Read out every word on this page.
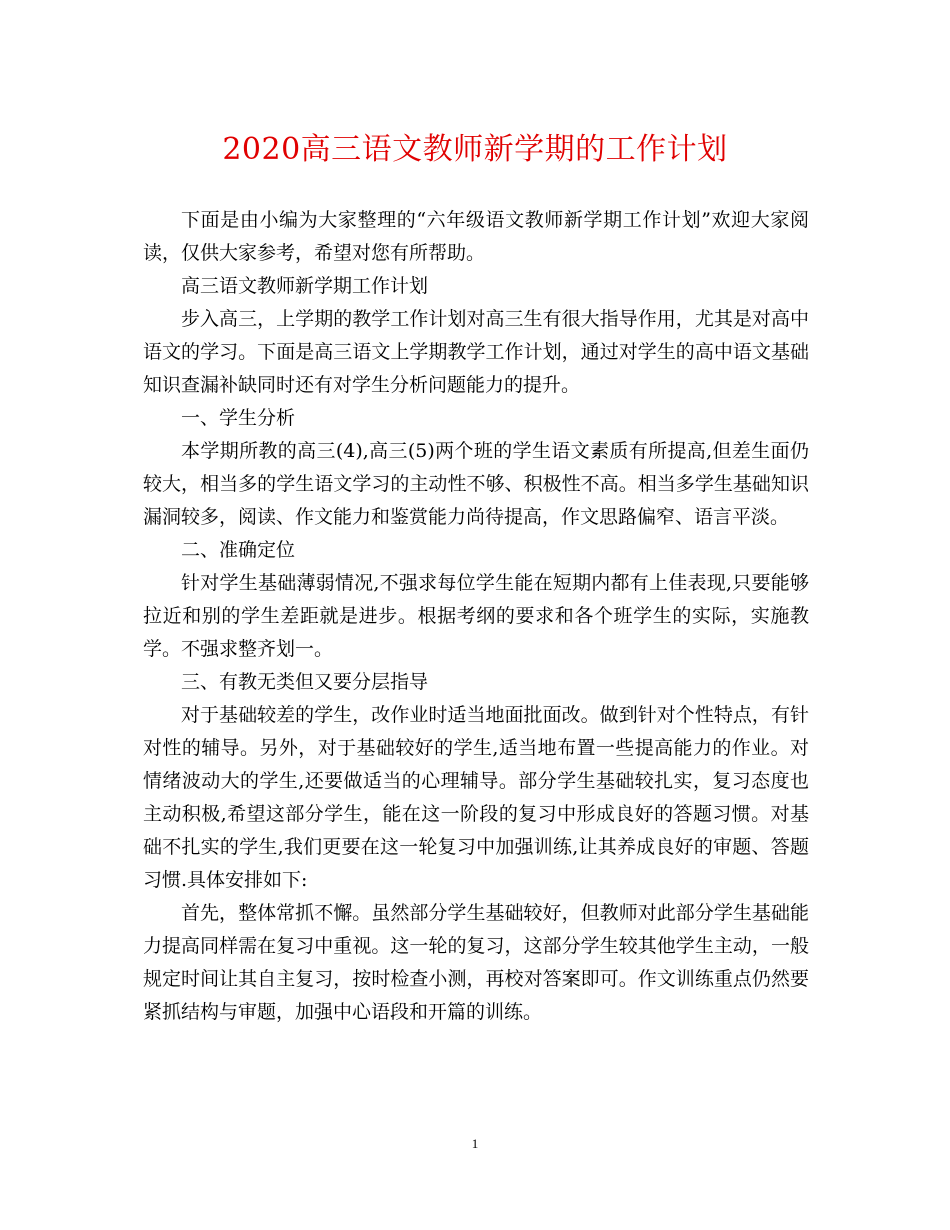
2020高三语文教师新学期的工作计划

下面是由小编为大家整理的“六年级语文教师新学期工作计划”欢迎大家阅读，仅供大家参考，希望对您有所帮助。

高三语文教师新学期工作计划

步入高三，上学期的教学工作计划对高三生有很大指导作用，尤其是对高中语文的学习。下面是高三语文上学期教学工作计划，通过对学生的高中语文基础知识查漏补缺同时还有对学生分析问题能力的提升。

一、学生分析

本学期所教的高三(4),高三(5)两个班的学生语文素质有所提高,但差生面仍较大，相当多的学生语文学习的主动性不够、积极性不高。相当多学生基础知识漏洞较多，阅读、作文能力和鉴赏能力尚待提高，作文思路偏窄、语言平淡。

二、准确定位

针对学生基础薄弱情况,不强求每位学生能在短期内都有上佳表现,只要能够拉近和别的学生差距就是进步。根据考纲的要求和各个班学生的实际，实施教学。不强求整齐划一。

三、有教无类但又要分层指导

对于基础较差的学生，改作业时适当地面批面改。做到针对个性特点，有针对性的辅导。另外，对于基础较好的学生,适当地布置一些提高能力的作业。对情绪波动大的学生,还要做适当的心理辅导。部分学生基础较扎实，复习态度也主动积极,希望这部分学生，能在这一阶段的复习中形成良好的答题习惯。对基础不扎实的学生,我们更要在这一轮复习中加强训练,让其养成良好的审题、答题习惯.具体安排如下:

首先，整体常抓不懈。虽然部分学生基础较好，但教师对此部分学生基础能力提高同样需在复习中重视。这一轮的复习，这部分学生较其他学生主动，一般规定时间让其自主复习，按时检查小测，再校对答案即可。作文训练重点仍然要紧抓结构与审题，加强中心语段和开篇的训练。

1
